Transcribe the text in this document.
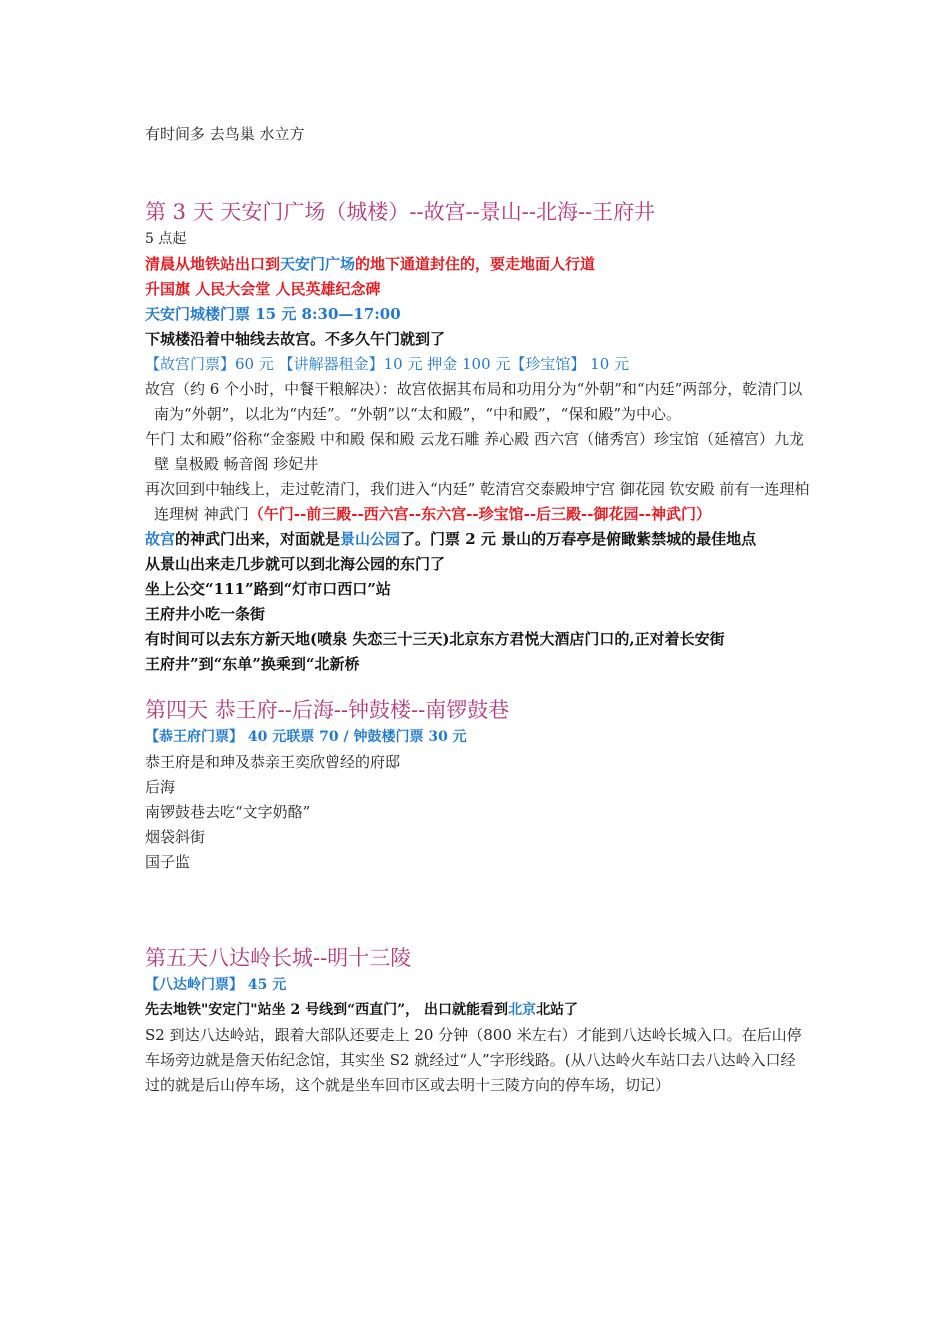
有时间多 去鸟巢 水立方
第 3 天 天安门广场（城楼）--故宫--景山--北海--王府井
5 点起
清晨从地铁站出口到天安门广场的地下通道封住的，要走地面人行道
升国旗 人民大会堂 人民英雄纪念碑
天安门城楼门票 15 元 8:30—17:00
下城楼沿着中轴线去故宫。不多久午门就到了
【故宫门票】60 元 【讲解器租金】10 元 押金 100 元【珍宝馆】 10 元
故宫（约 6 个小时，中餐干粮解决）：故宫依据其布局和功用分为“外朝”和“内廷”两部分，乾清门以南为“外朝”，以北为“内廷”。“外朝”以“太和殿”，“中和殿”，“保和殿”为中心。
午门 太和殿”俗称“金銮殿 中和殿 保和殿 云龙石雕 养心殿 西六宫（储秀宫）珍宝馆（延禧宫）九龙壁 皇极殿 畅音阁 珍妃井
再次回到中轴线上，走过乾清门，我们进入“内廷” 乾清宫交泰殿坤宁宫 御花园 钦安殿 前有一连理柏连理树 神武门（午门--前三殿--西六宫--东六宫--珍宝馆--后三殿--御花园--神武门）
故宫的神武门出来，对面就是景山公园了。门票 2 元 景山的万春亭是俯瞰紫禁城的最佳地点
从景山出来走几步就可以到北海公园的东门了
坐上公交“111”路到“灯市口西口”站
王府井小吃一条街
有时间可以去东方新天地(喷泉 失恋三十三天)北京东方君悦大酒店门口的,正对着长安街
王府井”到“东单”换乘到“北新桥
第四天 恭王府--后海--钟鼓楼--南锣鼓巷
【恭王府门票】 40 元联票 70 / 钟鼓楼门票 30 元
恭王府是和珅及恭亲王奕欣曾经的府邸
后海
南锣鼓巷去吃“文字奶酪”
烟袋斜街
国子监
第五天八达岭长城--明十三陵
【八达岭门票】 45 元
先去地铁"安定门"站坐 2 号线到“西直门”， 出口就能看到北京北站了
S2 到达八达岭站，跟着大部队还要走上 20 分钟（800 米左右）才能到八达岭长城入口。在后山停车场旁边就是詹天佑纪念馆，其实坐 S2 就经过“人”字形线路。(从八达岭火车站口去八达岭入口经过的就是后山停车场，这个就是坐车回市区或去明十三陵方向的停车场，切记）
